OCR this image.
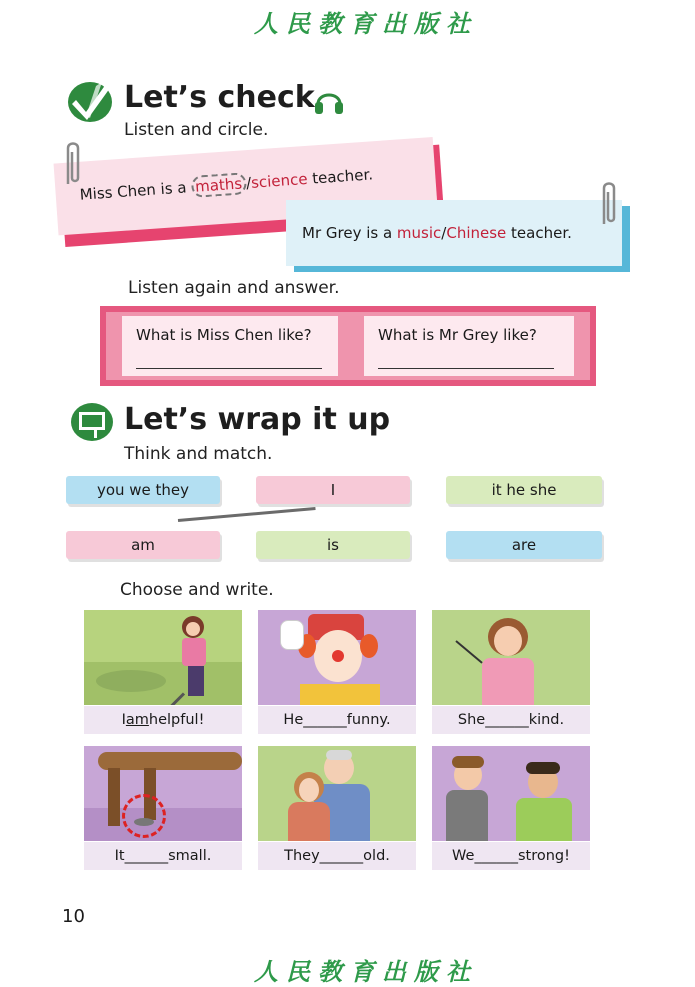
人民教育出版社
Let’s check
Listen and circle.
Miss Chen is a maths /science teacher.
Mr Grey is a music/Chinese teacher.
Listen again and answer.
What is Miss Chen like?	What is Mr Grey like?
Let’s wrap it up
Think and match.
you we they	I	it he she
am	is	are
Choose and write.
I am helpful!	He ______ funny.	She ______ kind.
It ______ small.	They ______ old.	We ______ strong!
10
人民教育出版社
